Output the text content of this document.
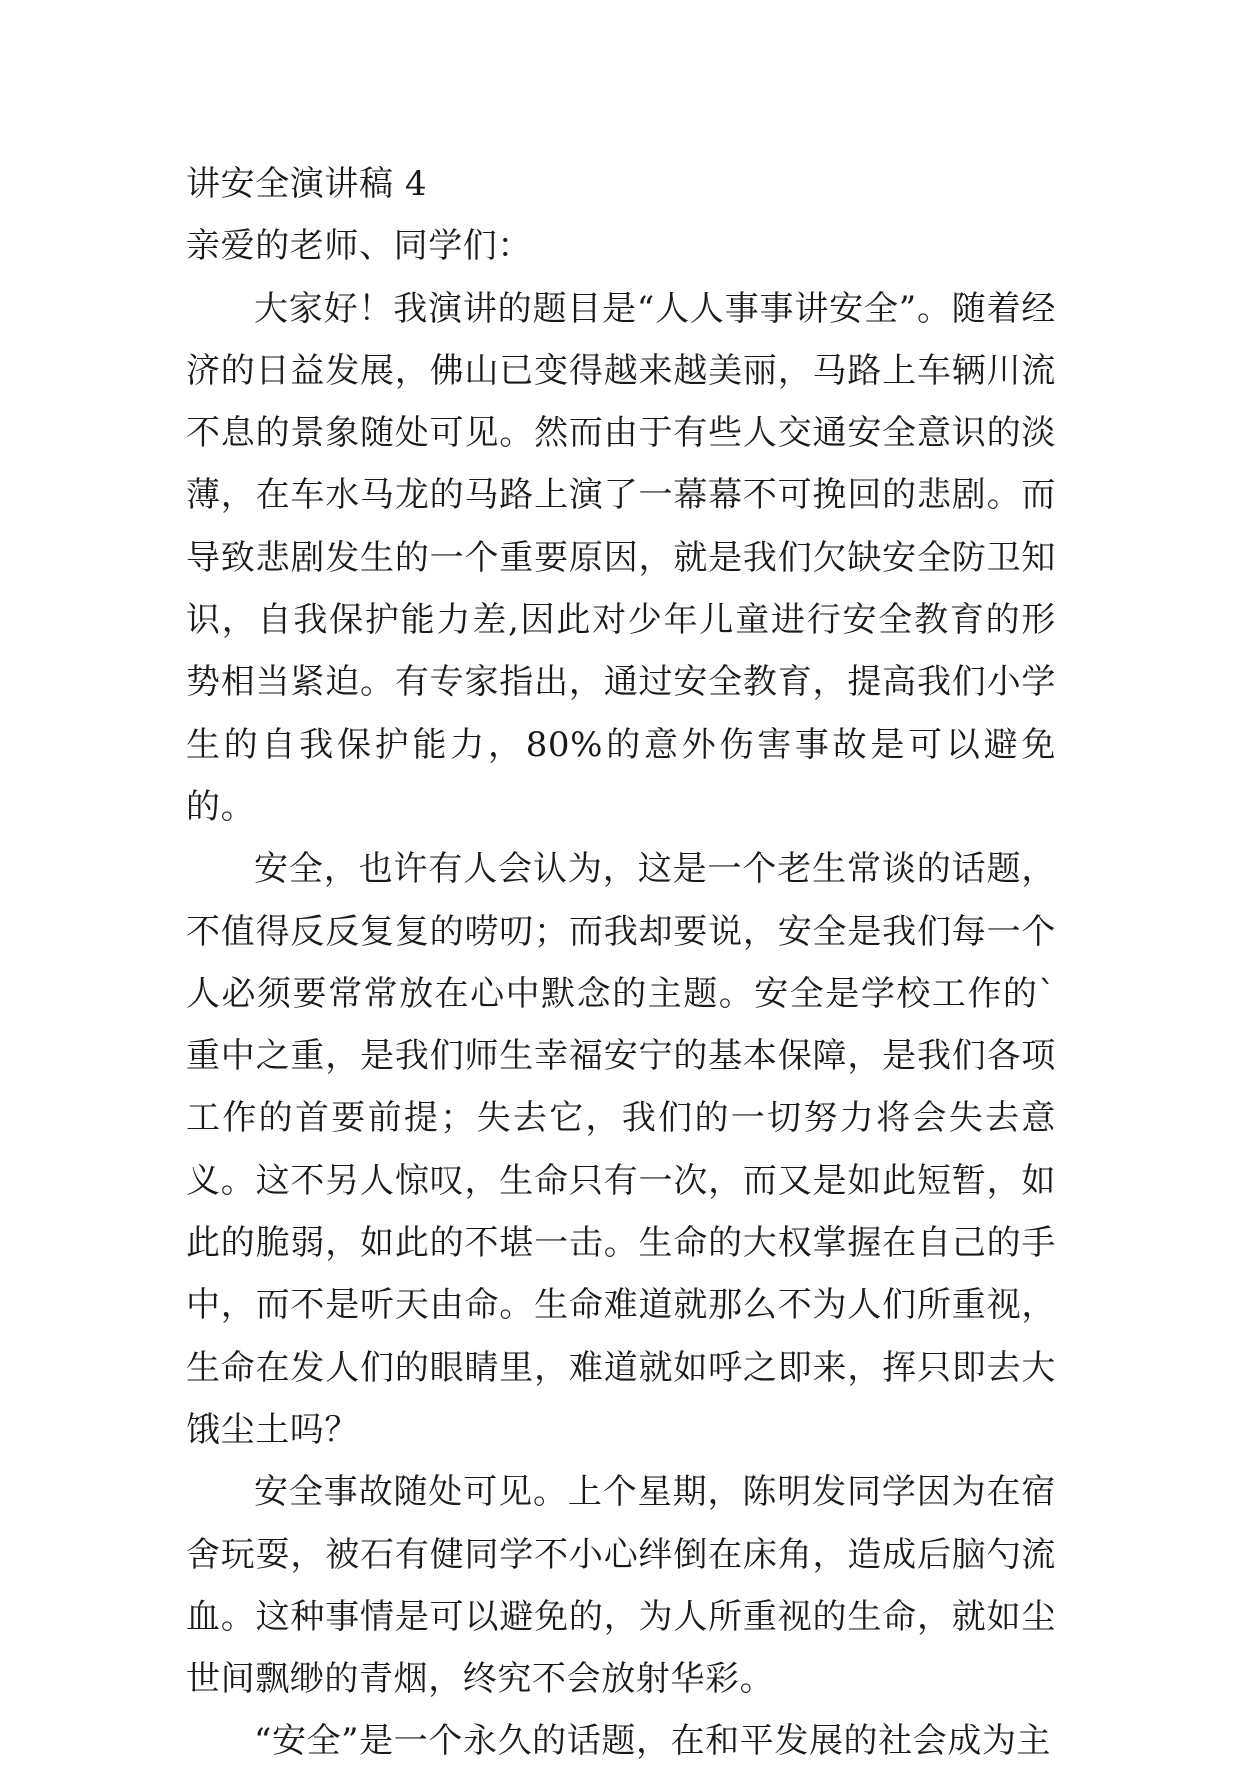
讲安全演讲稿 4

亲爱的老师、同学们：

大家好！我演讲的题目是“人人事事讲安全”。随着经济的日益发展，佛山已变得越来越美丽，马路上车辆川流不息的景象随处可见。然而由于有些人交通安全意识的淡薄，在车水马龙的马路上演了一幕幕不可挽回的悲剧。而导致悲剧发生的一个重要原因，就是我们欠缺安全防卫知识，自我保护能力差,因此对少年儿童进行安全教育的形势相当紧迫。有专家指出，通过安全教育，提高我们小学生的自我保护能力，80%的意外伤害事故是可以避免的。

安全，也许有人会认为，这是一个老生常谈的话题，不值得反反复复的唠叨；而我却要说，安全是我们每一个人必须要常常放在心中默念的主题。安全是学校工作的`重中之重，是我们师生幸福安宁的基本保障，是我们各项工作的首要前提；失去它，我们的一切努力将会失去意义。这不另人惊叹，生命只有一次，而又是如此短暂，如此的脆弱，如此的不堪一击。生命的大权掌握在自己的手中，而不是听天由命。生命难道就那么不为人们所重视，生命在发人们的眼睛里，难道就如呼之即来，挥只即去大饿尘土吗？

安全事故随处可见。上个星期，陈明发同学因为在宿舍玩耍，被石有健同学不小心绊倒在床角，造成后脑勺流血。这种事情是可以避免的，为人所重视的生命，就如尘世间飘缈的青烟，终究不会放射华彩。

“安全”是一个永久的话题，在和平发展的社会成为主
